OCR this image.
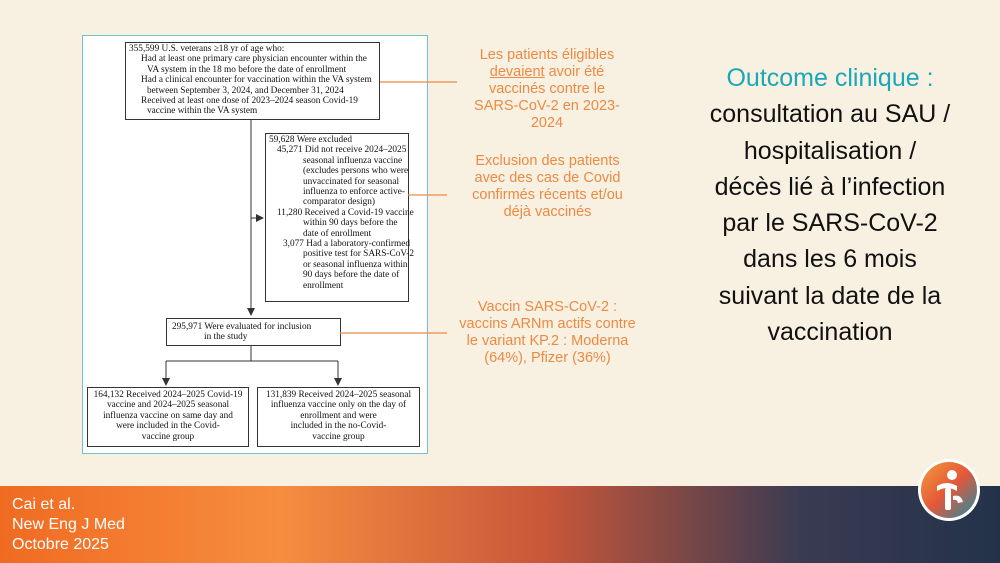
355,599 U.S. veterans ≥18 yr of age who:
Had at least one primary care physician encounter within the
VA system in the 18 mo before the date of enrollment
Had a clinical encounter for vaccination within the VA system
between September 3, 2024, and December 31, 2024
Received at least one dose of 2023–2024 season Covid-19
vaccine within the VA system
59,628 Were excluded
45,271 Did not receive 2024–2025
seasonal influenza vaccine
(excludes persons who were
unvaccinated for seasonal
influenza to enforce active-
comparator design)
11,280 Received a Covid-19 vaccine
within 90 days before the
date of enrollment
3,077 Had a laboratory-confirmed
positive test for SARS-CoV-2
or seasonal influenza within
90 days before the date of
enrollment
295,971 Were evaluated for inclusion
in the study
164,132 Received 2024–2025 Covid-19
vaccine and 2024–2025 seasonal
influenza vaccine on same day and
were included in the Covid-
vaccine group
131,839 Received 2024–2025 seasonal
influenza vaccine only on the day of
enrollment and were
included in the no-Covid-
vaccine group
Les patients éligibles
devaient avoir été
vaccinés contre le
SARS-CoV-2 en 2023-
2024
Exclusion des patients
avec des cas de Covid
confirmés récents et/ou
déjà vaccinés
Vaccin SARS-CoV-2 :
vaccins ARNm actifs contre
le variant KP.2 : Moderna
(64%), Pfizer (36%)
Outcome clinique :
consultation au SAU /
hospitalisation /
décès lié à l’infection
par le SARS-CoV-2
dans les 6 mois
suivant la date de la
vaccination
Cai et al.
New Eng J Med
Octobre 2025
